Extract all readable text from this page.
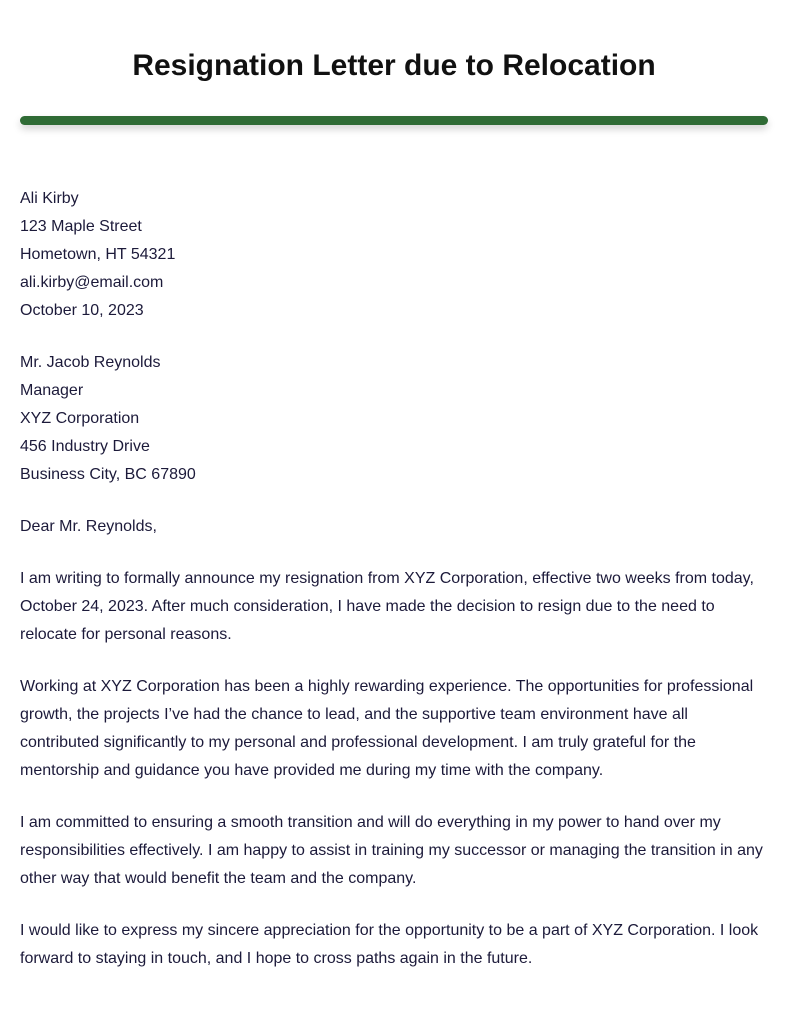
Resignation Letter due to Relocation
Ali Kirby
123 Maple Street
Hometown, HT 54321
ali.kirby@email.com
October 10, 2023
Mr. Jacob Reynolds
Manager
XYZ Corporation
456 Industry Drive
Business City, BC 67890

Dear Mr. Reynolds,

I am writing to formally announce my resignation from XYZ Corporation, effective two weeks from today, October 24, 2023. After much consideration, I have made the decision to resign due to the need to relocate for personal reasons.

Working at XYZ Corporation has been a highly rewarding experience. The opportunities for professional growth, the projects I’ve had the chance to lead, and the supportive team environment have all contributed significantly to my personal and professional development. I am truly grateful for the mentorship and guidance you have provided me during my time with the company.

I am committed to ensuring a smooth transition and will do everything in my power to hand over my responsibilities effectively. I am happy to assist in training my successor or managing the transition in any other way that would benefit the team and the company.

I would like to express my sincere appreciation for the opportunity to be a part of XYZ Corporation. I look forward to staying in touch, and I hope to cross paths again in the future.
